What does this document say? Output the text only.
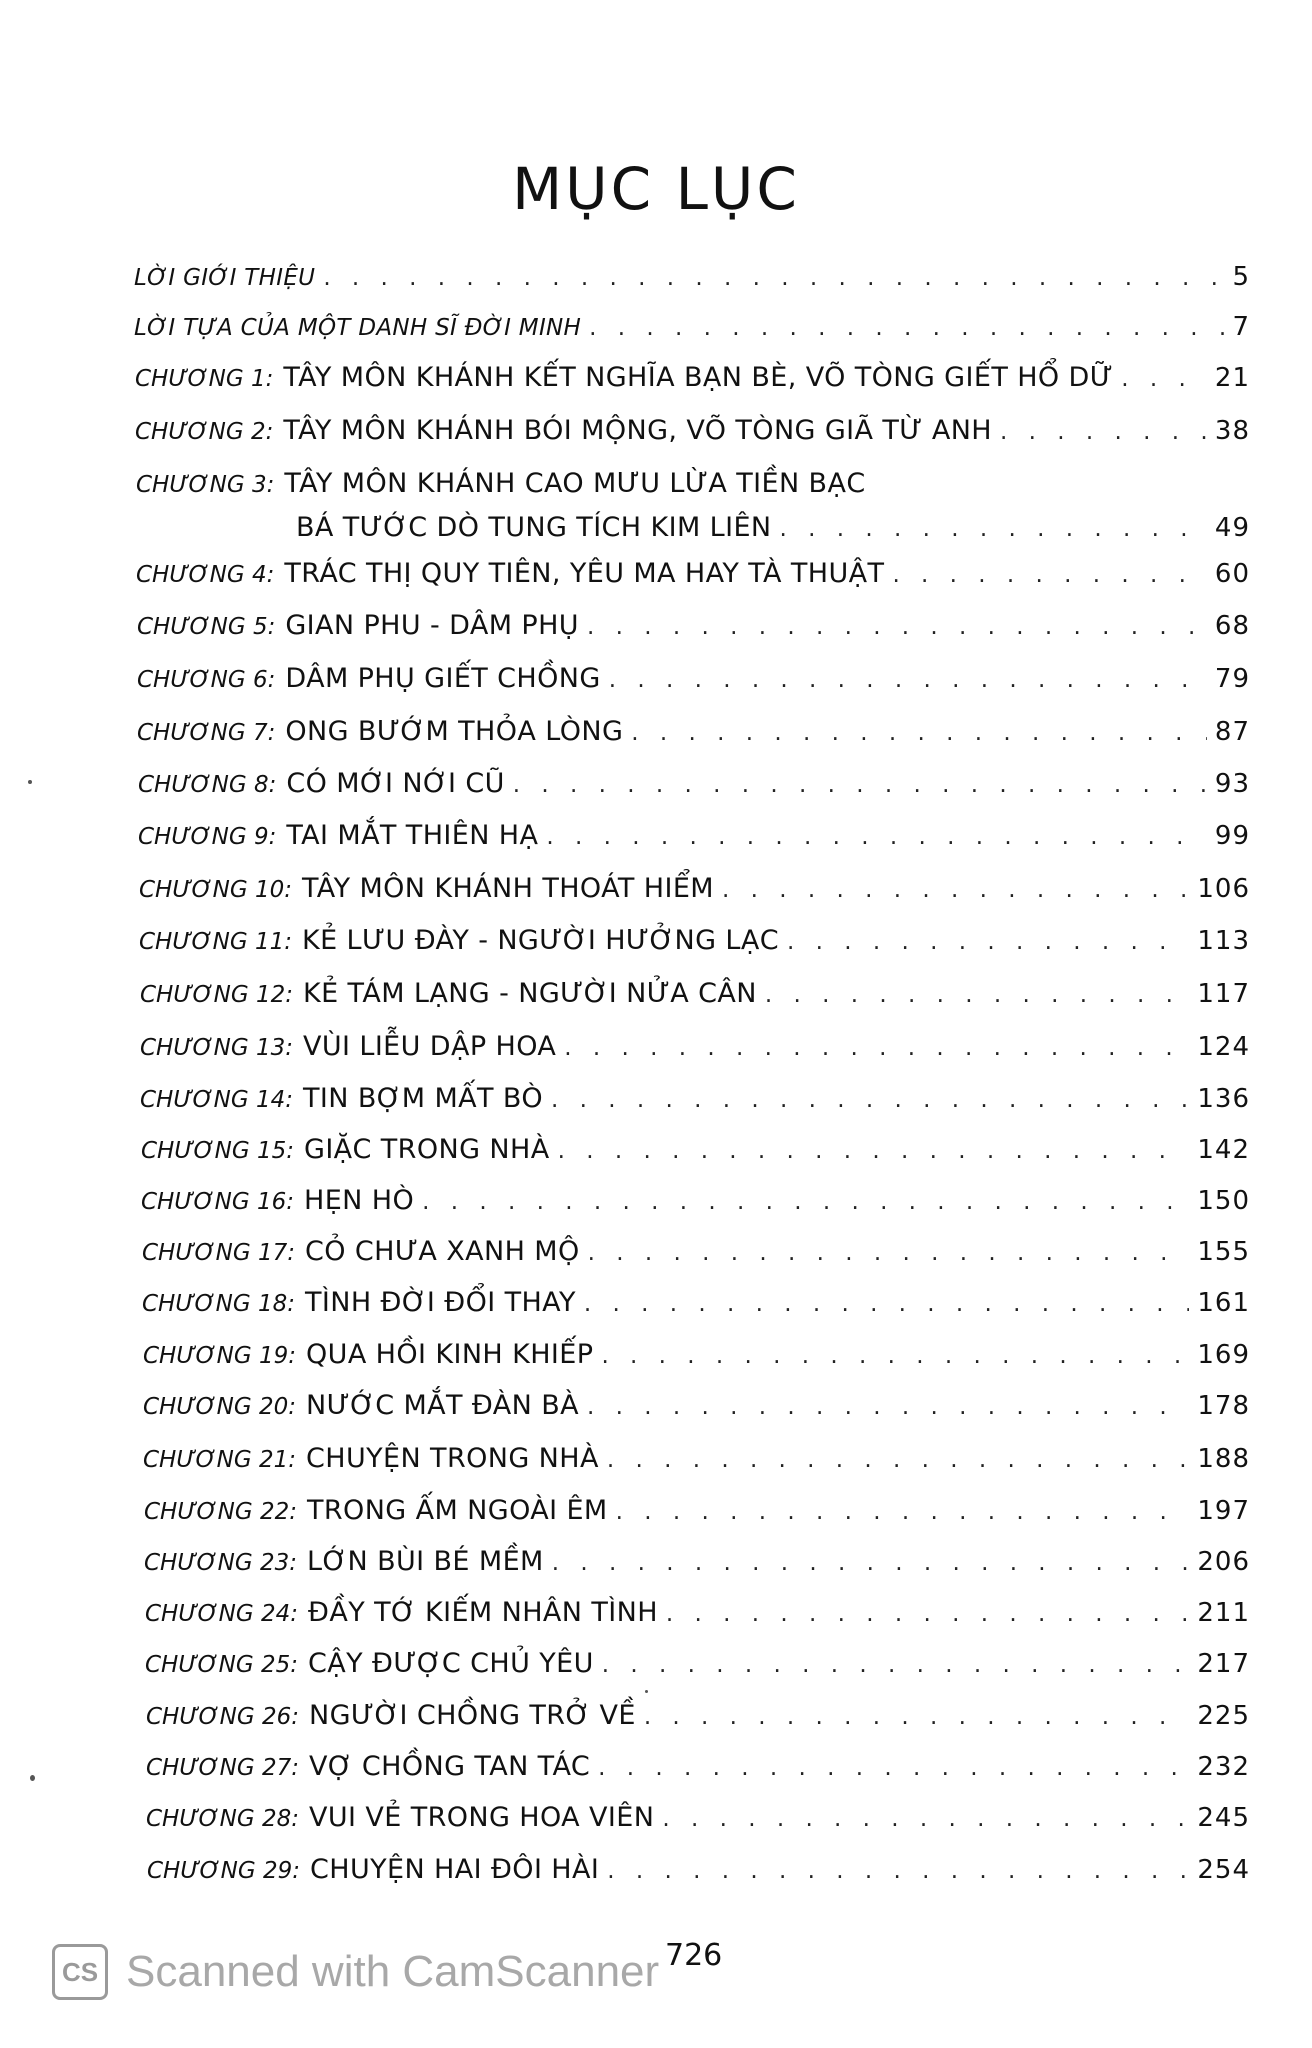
MỤC LỤC
LỜI GIỚI THIỆU . . .	5
LỜI TỰA CỦA MỘT DANH SĨ ĐỜI MINH . . .	7
CHƯƠNG 1: TÂY MÔN KHÁNH KẾT NGHĨA BẠN BÈ, VÕ TÒNG GIẾT HỔ DỮ . . .	21
CHƯƠNG 2: TÂY MÔN KHÁNH BÓI MỘNG, VÕ TÒNG GIÃ TỪ ANH . . .	38
CHƯƠNG 3: TÂY MÔN KHÁNH CAO MƯU LỪA TIỀN BẠC
BÁ TƯỚC DÒ TUNG TÍCH KIM LIÊN . . .	49
CHƯƠNG 4: TRÁC THỊ QUY TIÊN, YÊU MA HAY TÀ THUẬT . . .	60
CHƯƠNG 5: GIAN PHU - DÂM PHỤ . . .	68
CHƯƠNG 6: DÂM PHỤ GIẾT CHỒNG . . .	79
CHƯƠNG 7: ONG BƯỚM THỎA LÒNG . . .	87
CHƯƠNG 8: CÓ MỚI NỚI CŨ . . .	93
CHƯƠNG 9: TAI MẮT THIÊN HẠ . . .	99
CHƯƠNG 10: TÂY MÔN KHÁNH THOÁT HIỂM . . .	106
CHƯƠNG 11: KẺ LƯU ĐÀY - NGƯỜI HƯỞNG LẠC . . .	113
CHƯƠNG 12: KẺ TÁM LẠNG - NGƯỜI NỬA CÂN . . .	117
CHƯƠNG 13: VÙI LIỄU DẬP HOA . . .	124
CHƯƠNG 14: TIN BỢM MẤT BÒ . . .	136
CHƯƠNG 15: GIẶC TRONG NHÀ . . .	142
CHƯƠNG 16: HẸN HÒ . . .	150
CHƯƠNG 17: CỎ CHƯA XANH MỘ . . .	155
CHƯƠNG 18: TÌNH ĐỜI ĐỔI THAY . . .	161
CHƯƠNG 19: QUA HỒI KINH KHIẾP . . .	169
CHƯƠNG 20: NƯỚC MẮT ĐÀN BÀ . . .	178
CHƯƠNG 21: CHUYỆN TRONG NHÀ . . .	188
CHƯƠNG 22: TRONG ẤM NGOÀI ÊM . . .	197
CHƯƠNG 23: LỚN BÙI BÉ MỀM . . .	206
CHƯƠNG 24: ĐẦY TỚ KIẾM NHÂN TÌNH . . .	211
CHƯƠNG 25: CẬY ĐƯỢC CHỦ YÊU . . .	217
CHƯƠNG 26: NGƯỜI CHỒNG TRỞ VỀ . . .	225
CHƯƠNG 27: VỢ CHỒNG TAN TÁC . . .	232
CHƯƠNG 28: VUI VẺ TRONG HOA VIÊN . . .	245
CHƯƠNG 29: CHUYỆN HAI ĐÔI HÀI . . .	254
726
CS Scanned with CamScanner
